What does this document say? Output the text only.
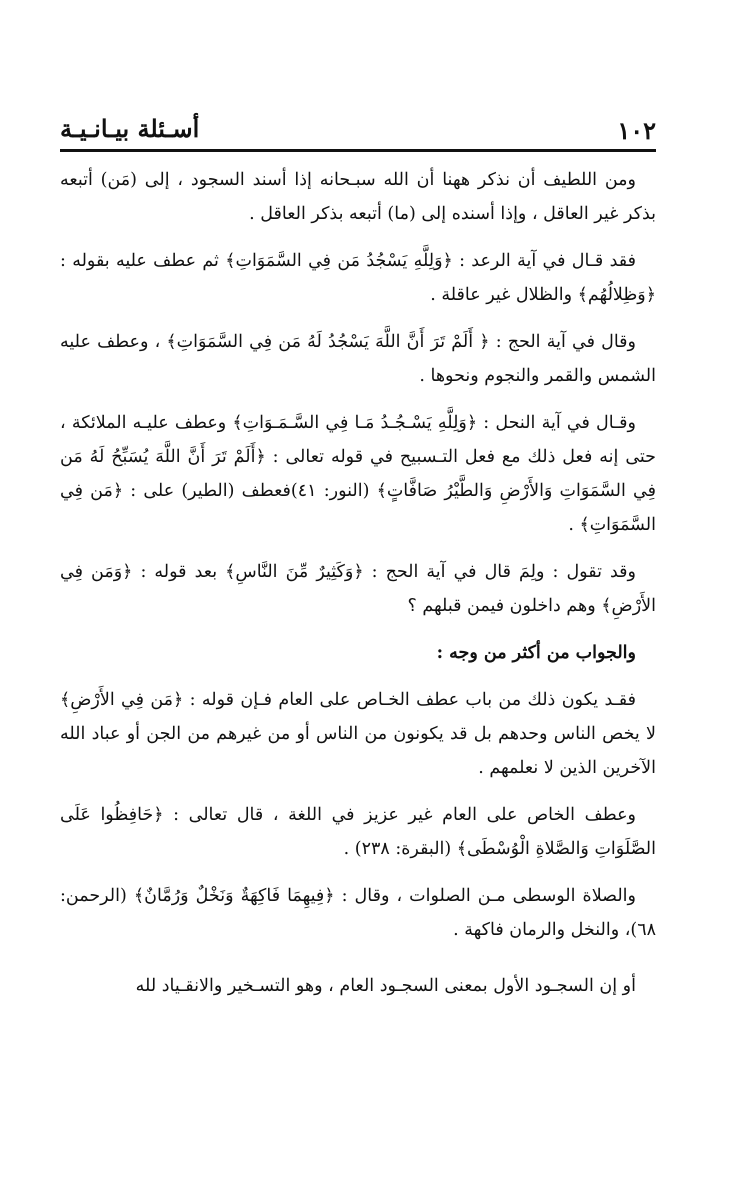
١٠٢
أسـئلة بيـانـيـة

ومن اللطيف أن نذكر ههنا أن الله سبـحانه إذا أسند السجود ، إلى (مَن) أتبعه بذكر غير العاقل ، وإذا أسنده إلى (ما) أتبعه بذكر العاقل .

فقد قـال في آية الرعد : ﴿وَلِلَّهِ يَسْجُدُ مَن فِي السَّمَوَاتِ﴾ ثم عطف عليه بقوله : ﴿وَظِلالُهُم﴾ والظلال غير عاقلة .

وقال في آية الحج : ﴿ أَلَمْ تَرَ أَنَّ اللَّهَ يَسْجُدُ لَهُ مَن فِي السَّمَوَاتِ﴾ ، وعطف عليه الشمس والقمر والنجوم ونحوها .

وقـال في آية النحل : ﴿وَلِلَّهِ يَسْـجُـدُ مَـا فِي السَّـمَـوَاتِ﴾ وعطف عليـه الملائكة ، حتى إنه فعل ذلك مع فعل التـسبيح في قوله تعالى : ﴿أَلَمْ تَرَ أَنَّ اللَّهَ يُسَبِّحُ لَهُ مَن فِي السَّمَوَاتِ وَالأَرْضِ وَالطَّيْرُ صَافَّاتٍ﴾ (النور: ٤١)فعطف (الطير) على : ﴿مَن فِي السَّمَوَاتِ﴾ .

وقد تقول : ولِمَ قال في آية الحج : ﴿وَكَثِيرٌ مِّنَ النَّاسِ﴾ بعد قوله : ﴿وَمَن فِي الأَرْضِ﴾ وهم داخلون فيمن قبلهم ؟

والجواب من أكثر من وجه :

فقـد يكون ذلك من باب عطف الخـاص على العام فـإن قوله : ﴿مَن فِي الأَرْضِ﴾ لا يخص الناس وحدهم بل قد يكونون من الناس أو من غيرهم من الجن أو عباد الله الآخرين الذين لا نعلمهم .

وعطف الخاص على العام غير عزيز في اللغة ، قال تعالى : ﴿حَافِظُوا عَلَى الصَّلَوَاتِ وَالصَّلاةِ الْوُسْطَى﴾ (البقرة: ٢٣٨) .

والصلاة الوسطى مـن الصلوات ، وقال : ﴿فِيهِمَا فَاكِهَةٌ وَنَخْلٌ وَرُمَّانٌ﴾ (الرحمن: ٦٨)، والنخل والرمان فاكهة .

أو إن السجـود الأول بمعنى السجـود العام ، وهو التسـخير والانقـياد لله
